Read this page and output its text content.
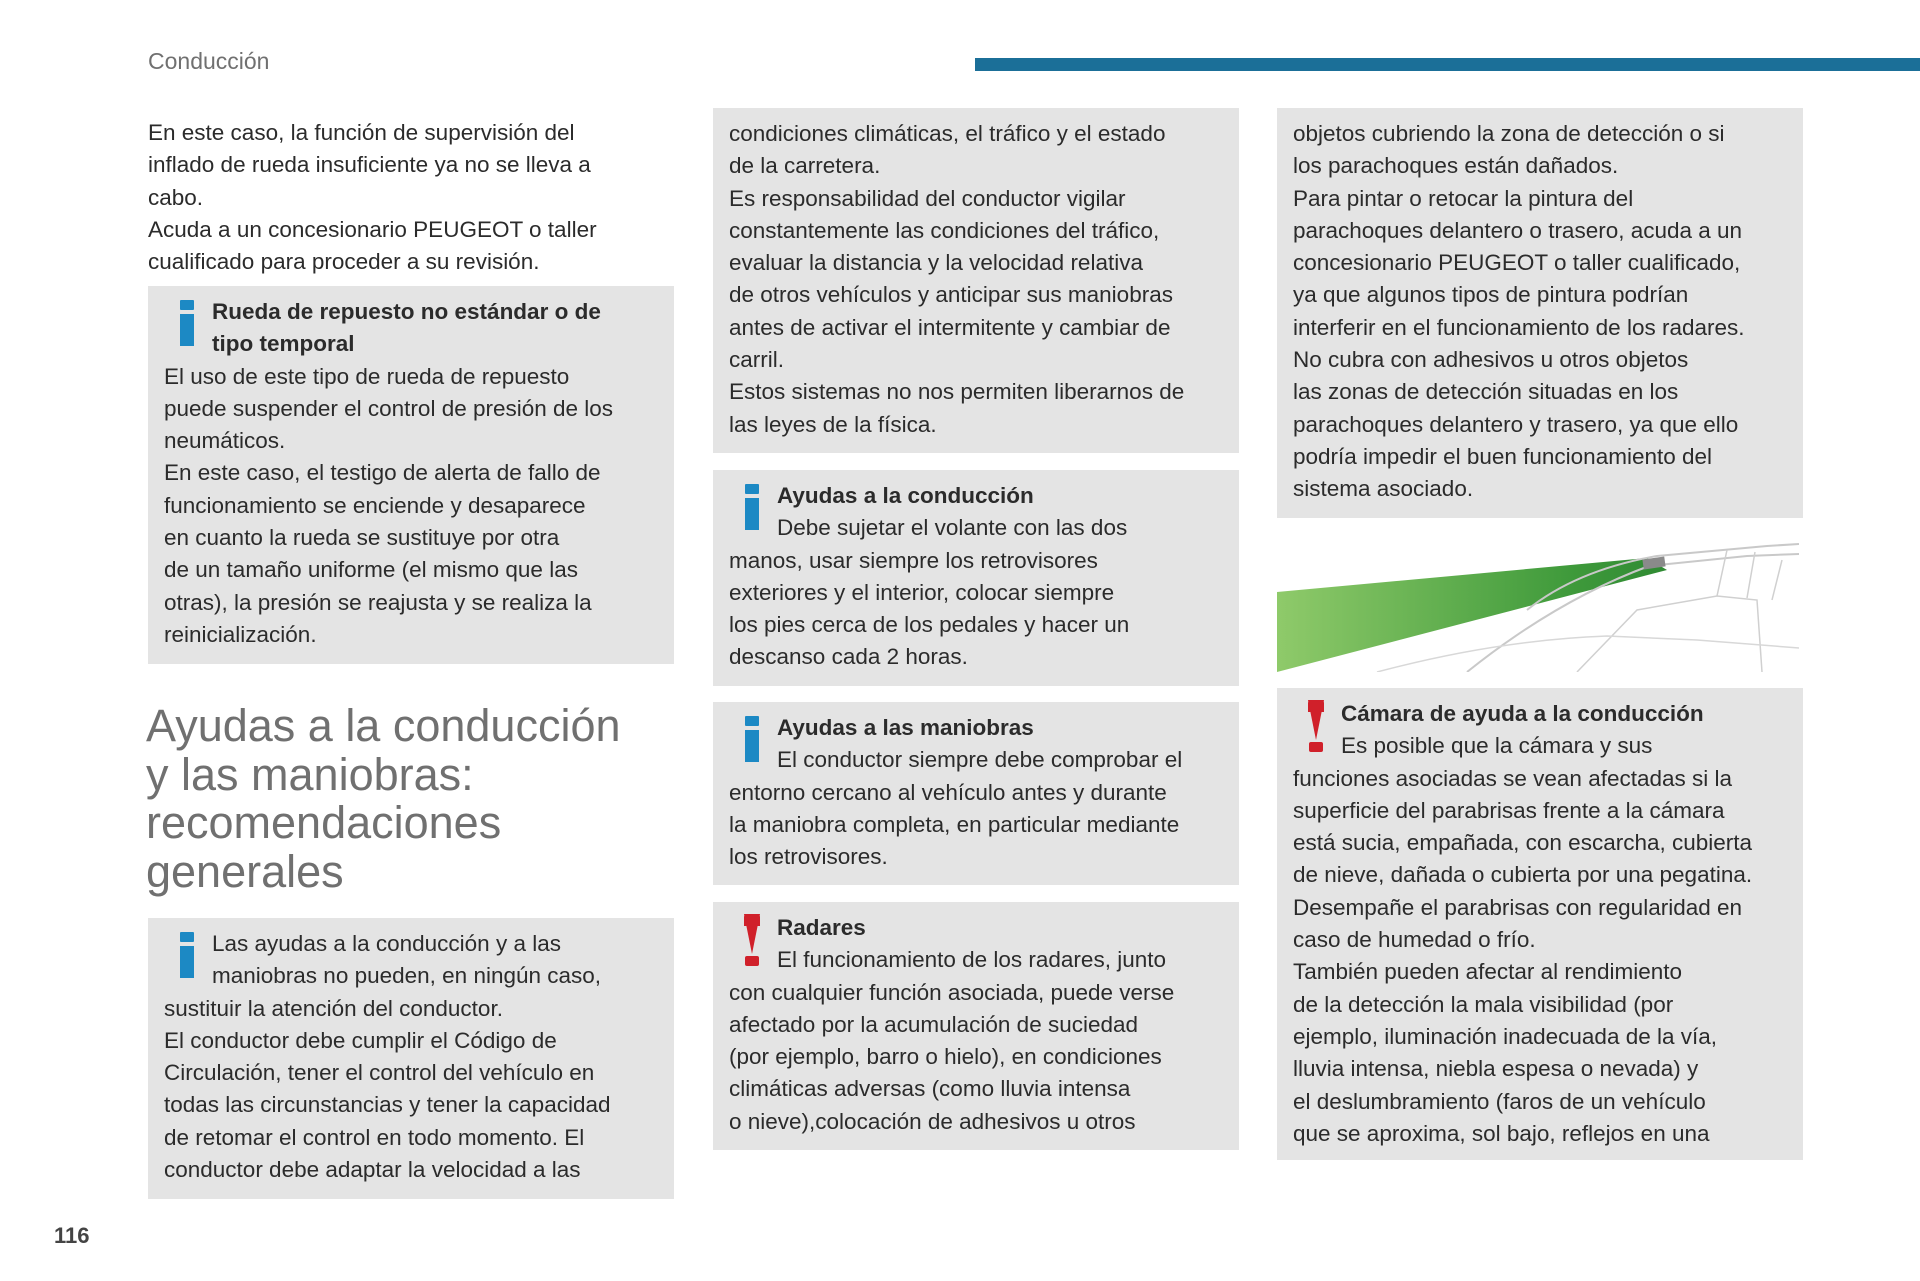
Conducción
En este caso, la función de supervisión del
inflado de rueda insuficiente ya no se lleva a
cabo.
Acuda a un concesionario PEUGEOT o taller
cualificado para proceder a su revisión.
Rueda de repuesto no estándar o de
tipo temporal
El uso de este tipo de rueda de repuesto
puede suspender el control de presión de los
neumáticos.
En este caso, el testigo de alerta de fallo de
funcionamiento se enciende y desaparece
en cuanto la rueda se sustituye por otra
de un tamaño uniforme (el mismo que las
otras), la presión se reajusta y se realiza la
reinicialización.
Ayudas a la conducción
y las maniobras:
recomendaciones
generales
Las ayudas a la conducción y a las
maniobras no pueden, en ningún caso,
sustituir la atención del conductor.
El conductor debe cumplir el Código de
Circulación, tener el control del vehículo en
todas las circunstancias y tener la capacidad
de retomar el control en todo momento. El
conductor debe adaptar la velocidad a las
condiciones climáticas, el tráfico y el estado
de la carretera.
Es responsabilidad del conductor vigilar
constantemente las condiciones del tráfico,
evaluar la distancia y la velocidad relativa
de otros vehículos y anticipar sus maniobras
antes de activar el intermitente y cambiar de
carril.
Estos sistemas no nos permiten liberarnos de
las leyes de la física.
Ayudas a la conducción
Debe sujetar el volante con las dos
manos, usar siempre los retrovisores
exteriores y el interior, colocar siempre
los pies cerca de los pedales y hacer un
descanso cada 2 horas.
Ayudas a las maniobras
El conductor siempre debe comprobar el
entorno cercano al vehículo antes y durante
la maniobra completa, en particular mediante
los retrovisores.
Radares
El funcionamiento de los radares, junto
con cualquier función asociada, puede verse
afectado por la acumulación de suciedad
(por ejemplo, barro o hielo), en condiciones
climáticas adversas (como lluvia intensa
o nieve),colocación de adhesivos u otros
objetos cubriendo la zona de detección o si
los parachoques están dañados.
Para pintar o retocar la pintura del
parachoques delantero o trasero, acuda a un
concesionario PEUGEOT o taller cualificado,
ya que algunos tipos de pintura podrían
interferir en el funcionamiento de los radares.
No cubra con adhesivos u otros objetos
las zonas de detección situadas en los
parachoques delantero y trasero, ya que ello
podría impedir el buen funcionamiento del
sistema asociado.
Cámara de ayuda a la conducción
Es posible que la cámara y sus
funciones asociadas se vean afectadas si la
superficie del parabrisas frente a la cámara
está sucia, empañada, con escarcha, cubierta
de nieve, dañada o cubierta por una pegatina.
Desempañe el parabrisas con regularidad en
caso de humedad o frío.
También pueden afectar al rendimiento
de la detección la mala visibilidad (por
ejemplo, iluminación inadecuada de la vía,
lluvia intensa, niebla espesa o nevada) y
el deslumbramiento (faros de un vehículo
que se aproxima, sol bajo, reflejos en una
116
